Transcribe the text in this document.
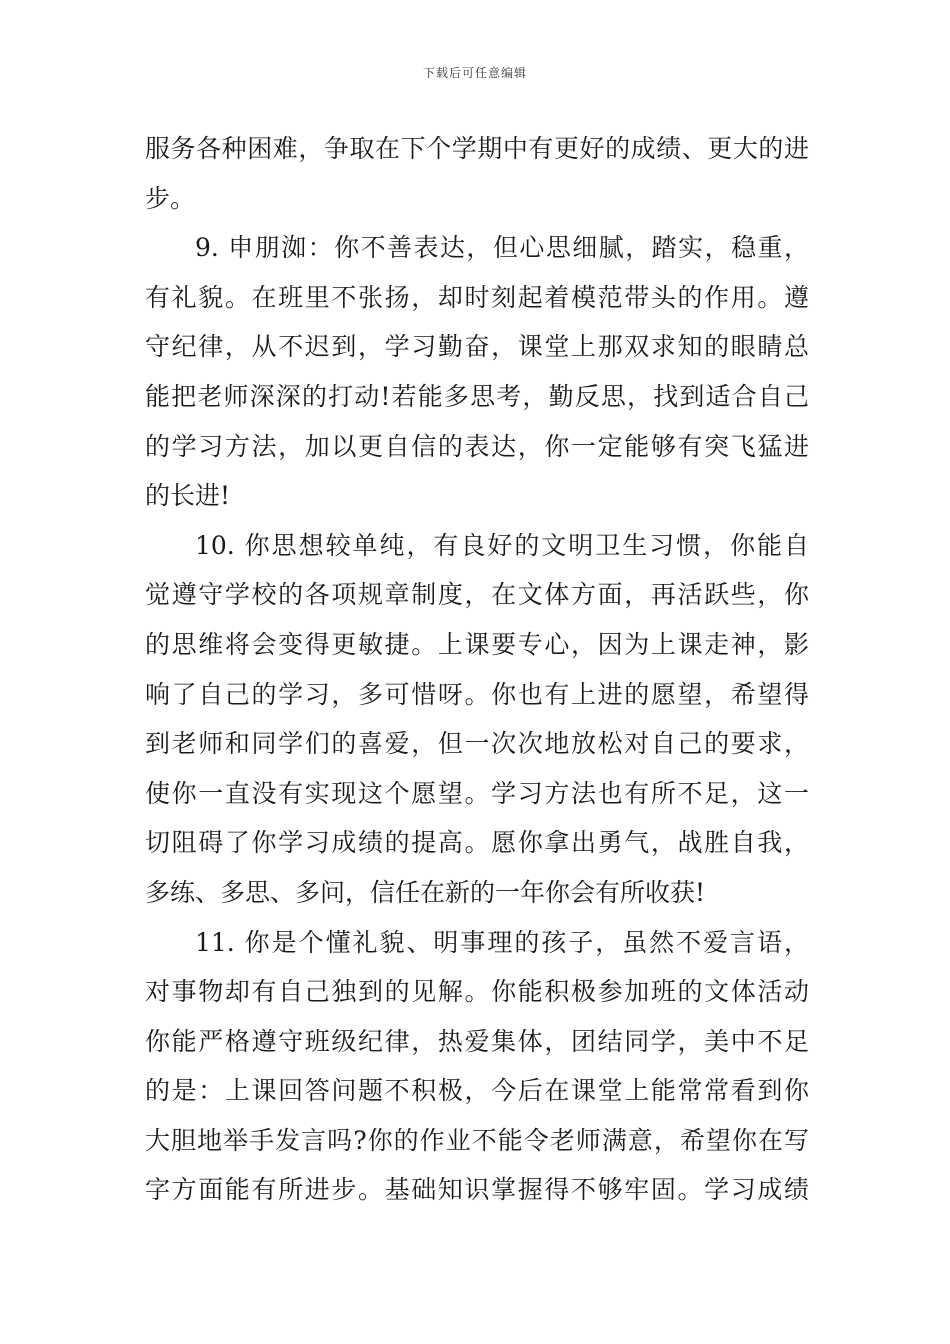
下载后可任意编辑
服务各种困难，争取在下个学期中有更好的成绩、更大的进
步。
9. 申朋洳：你不善表达，但心思细腻，踏实，稳重，
有礼貌。在班里不张扬，却时刻起着模范带头的作用。遵
守纪律，从不迟到，学习勤奋，课堂上那双求知的眼睛总
能把老师深深的打动!若能多思考，勤反思，找到适合自己
的学习方法，加以更自信的表达，你一定能够有突飞猛进
的长进!
10. 你思想较单纯，有良好的文明卫生习惯，你能自
觉遵守学校的各项规章制度，在文体方面，再活跃些，你
的思维将会变得更敏捷。上课要专心，因为上课走神，影
响了自己的学习，多可惜呀。你也有上进的愿望，希望得
到老师和同学们的喜爱，但一次次地放松对自己的要求，
使你一直没有实现这个愿望。学习方法也有所不足，这一
切阻碍了你学习成绩的提高。愿你拿出勇气，战胜自我，
多练、多思、多问，信任在新的一年你会有所收获!
11. 你是个懂礼貌、明事理的孩子，虽然不爱言语，
对事物却有自己独到的见解。你能积极参加班的文体活动
你能严格遵守班级纪律，热爱集体，团结同学，美中不足
的是：上课回答问题不积极，今后在课堂上能常常看到你
大胆地举手发言吗?你的作业不能令老师满意，希望你在写
字方面能有所进步。基础知识掌握得不够牢固。学习成绩
